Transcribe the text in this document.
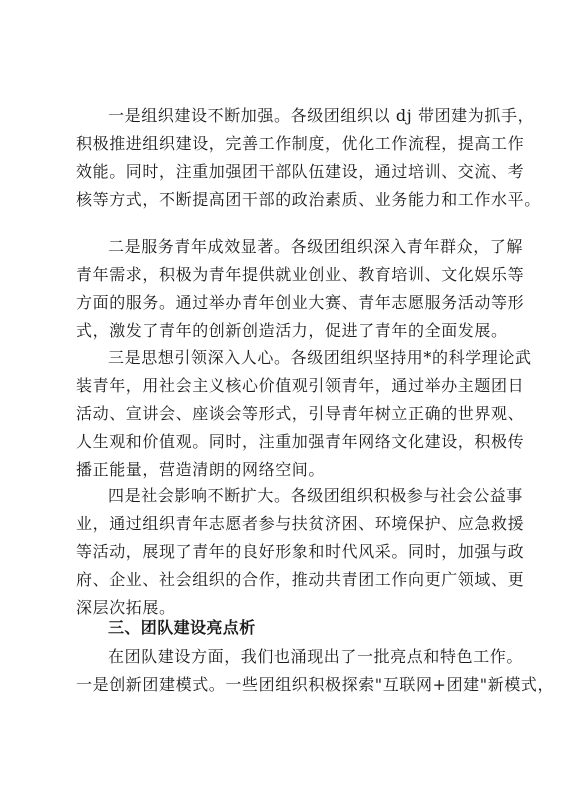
一是组织建设不断加强。各级团组织以 dj 带团建为抓手，
积极推进组织建设，完善工作制度，优化工作流程，提高工作
效能。同时，注重加强团干部队伍建设，通过培训、交流、考
核等方式，不断提高团干部的政治素质、业务能力和工作水平。
二是服务青年成效显著。各级团组织深入青年群众，了解
青年需求，积极为青年提供就业创业、教育培训、文化娱乐等
方面的服务。通过举办青年创业大赛、青年志愿服务活动等形
式，激发了青年的创新创造活力，促进了青年的全面发展。
三是思想引领深入人心。各级团组织坚持用*的科学理论武
装青年，用社会主义核心价值观引领青年，通过举办主题团日
活动、宣讲会、座谈会等形式，引导青年树立正确的世界观、
人生观和价值观。同时，注重加强青年网络文化建设，积极传
播正能量，营造清朗的网络空间。
四是社会影响不断扩大。各级团组织积极参与社会公益事
业，通过组织青年志愿者参与扶贫济困、环境保护、应急救援
等活动，展现了青年的良好形象和时代风采。同时，加强与政
府、企业、社会组织的合作，推动共青团工作向更广领域、更
深层次拓展。
三、团队建设亮点析
在团队建设方面，我们也涌现出了一批亮点和特色工作。
一是创新团建模式。一些团组织积极探索"互联网+团建"新模式，
